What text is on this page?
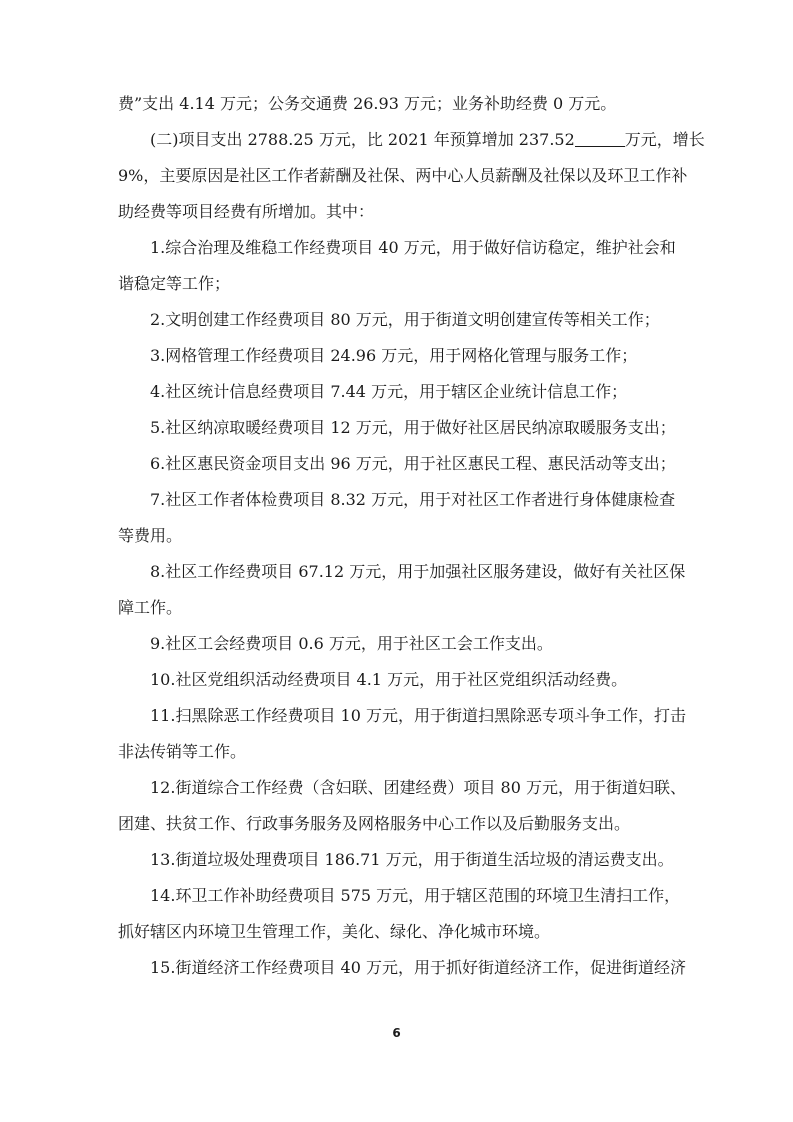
费”支出 4.14 万元；公务交通费 26.93 万元；业务补助经费 0 万元。
(二)项目支出 2788.25 万元，比 2021 年预算增加 237.52	万元，增长
9%，主要原因是社区工作者薪酬及社保、两中心人员薪酬及社保以及环卫工作补
助经费等项目经费有所增加。其中：
1.综合治理及维稳工作经费项目 40 万元，用于做好信访稳定，维护社会和
谐稳定等工作；
2.文明创建工作经费项目 80 万元，用于街道文明创建宣传等相关工作；
3.网格管理工作经费项目 24.96 万元，用于网格化管理与服务工作；
4.社区统计信息经费项目 7.44 万元，用于辖区企业统计信息工作；
5.社区纳凉取暖经费项目 12 万元，用于做好社区居民纳凉取暖服务支出；
6.社区惠民资金项目支出 96 万元，用于社区惠民工程、惠民活动等支出；
7.社区工作者体检费项目 8.32 万元，用于对社区工作者进行身体健康检查
等费用。
8.社区工作经费项目 67.12 万元，用于加强社区服务建设，做好有关社区保
障工作。
9.社区工会经费项目 0.6 万元，用于社区工会工作支出。
10.社区党组织活动经费项目 4.1 万元，用于社区党组织活动经费。
11.扫黑除恶工作经费项目 10 万元，用于街道扫黑除恶专项斗争工作，打击
非法传销等工作。
12.街道综合工作经费（含妇联、团建经费）项目 80 万元，用于街道妇联、
团建、扶贫工作、行政事务服务及网格服务中心工作以及后勤服务支出。
13.街道垃圾处理费项目 186.71 万元，用于街道生活垃圾的清运费支出。
14.环卫工作补助经费项目 575 万元，用于辖区范围的环境卫生清扫工作，
抓好辖区内环境卫生管理工作，美化、绿化、净化城市环境。
15.街道经济工作经费项目 40 万元，用于抓好街道经济工作，促进街道经济
6
